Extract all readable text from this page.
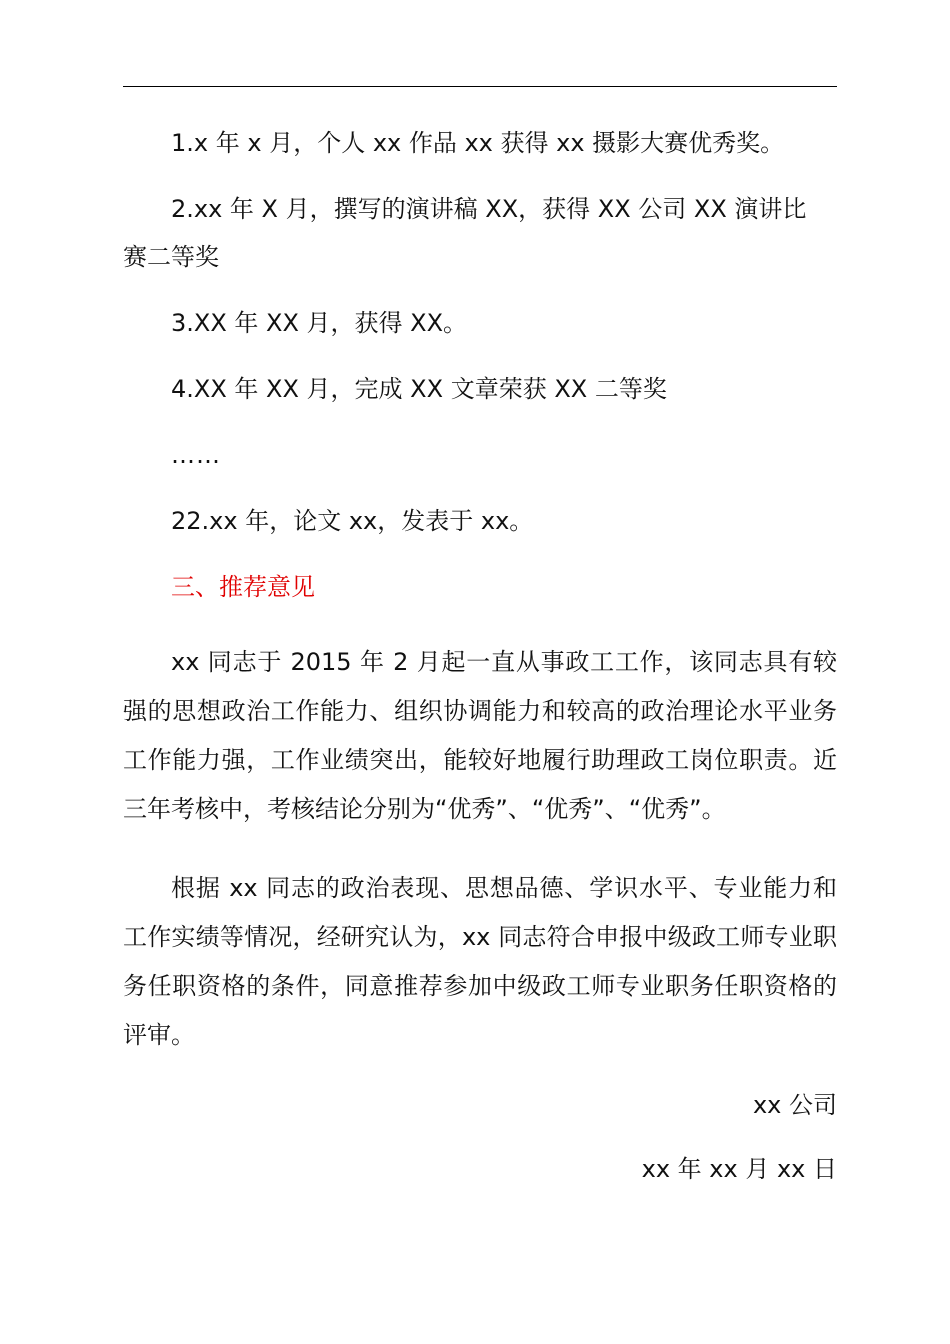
1.x 年 x 月，个人 xx 作品 xx 获得 xx 摄影大赛优秀奖。

2.xx 年 X 月，撰写的演讲稿 XX，获得 XX 公司 XX 演讲比

赛二等奖

3.XX 年 XX 月，获得 XX。

4.XX 年 XX 月，完成 XX 文章荣获 XX 二等奖

……

22.xx 年，论文 xx，发表于 xx。

三、推荐意见

xx 同志于 2015 年 2 月起一直从事政工工作，该同志具有较强的思想政治工作能力、组织协调能力和较高的政治理论水平业务工作能力强，工作业绩突出，能较好地履行助理政工岗位职责。近三年考核中，考核结论分别为“优秀”、“优秀”、“优秀”。

根据 xx 同志的政治表现、思想品德、学识水平、专业能力和工作实绩等情况，经研究认为，xx 同志符合申报中级政工师专业职务任职资格的条件，同意推荐参加中级政工师专业职务任职资格的评审。

xx 公司

xx 年 xx 月 xx 日
